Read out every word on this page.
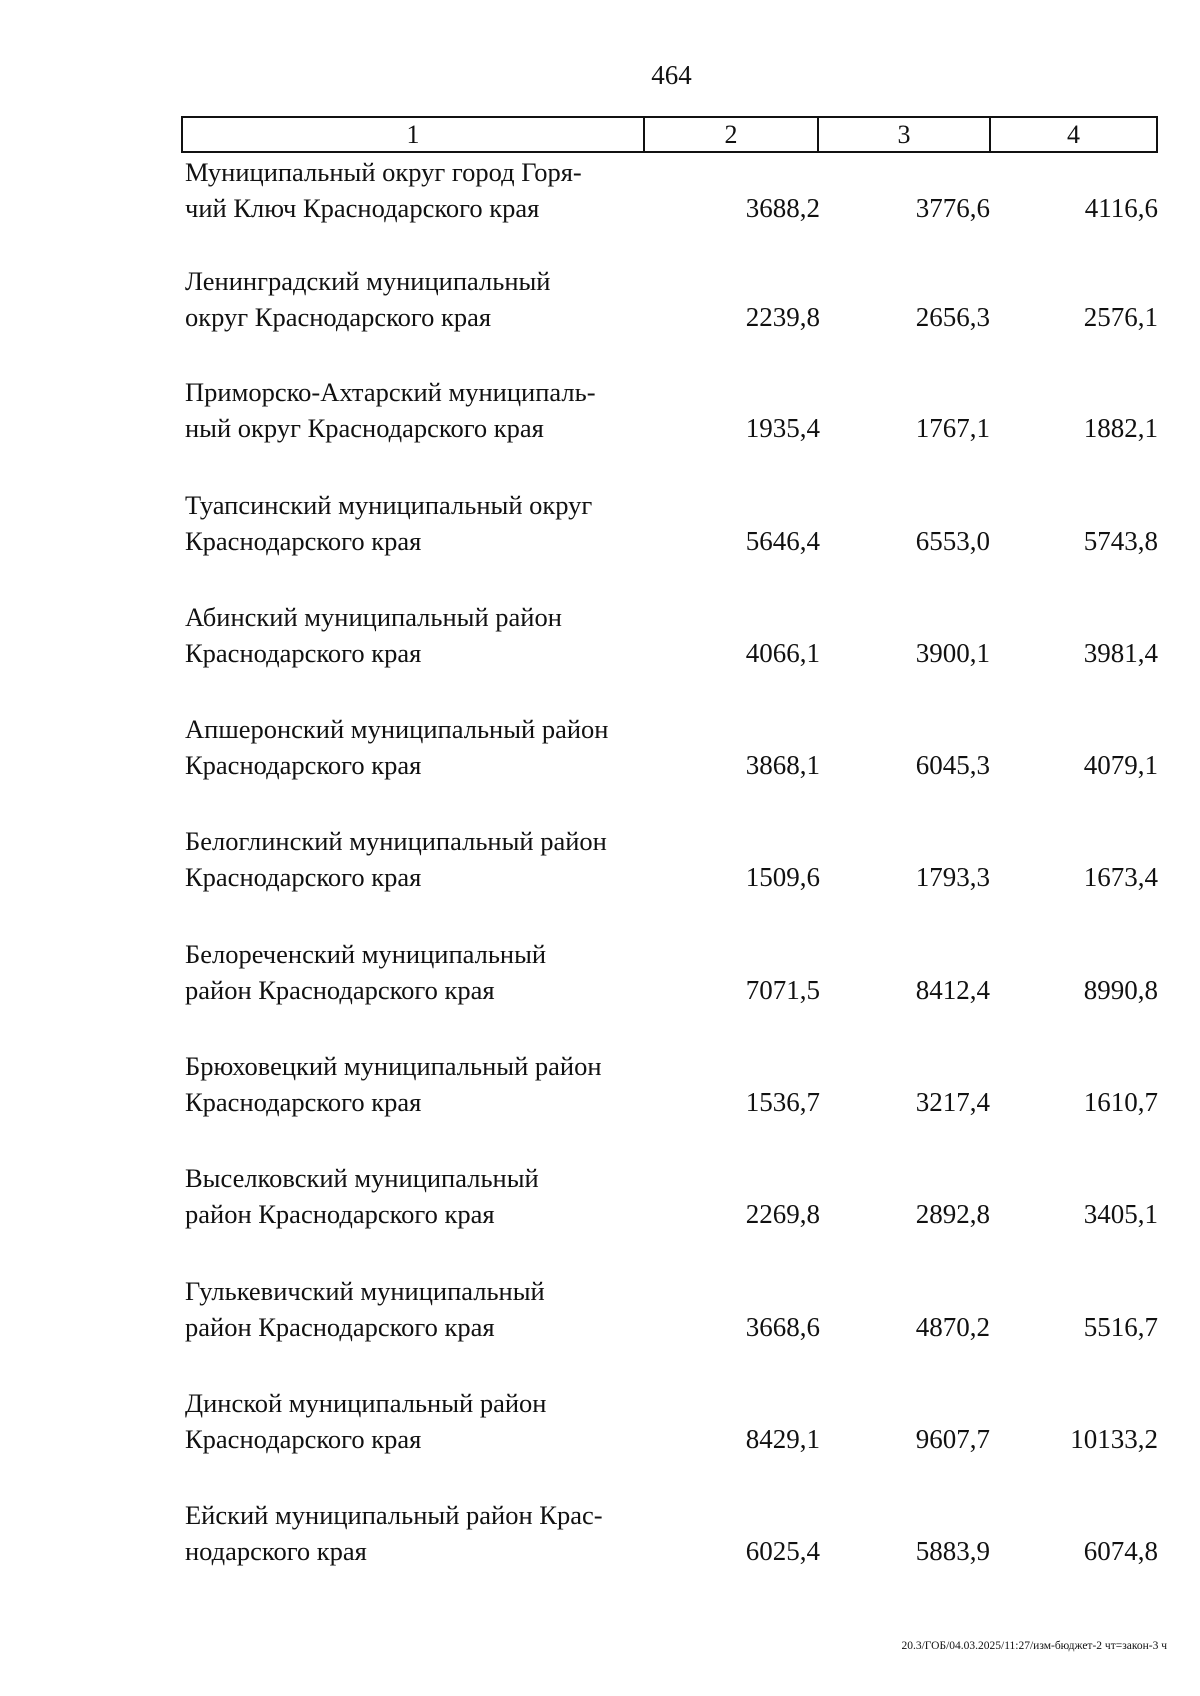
464
1	2	3	4
Муниципальный округ город Горя-
чий Ключ Краснодарского края	3688,2	3776,6	4116,6
Ленинградский муниципальный
округ Краснодарского края	2239,8	2656,3	2576,1
Приморско-Ахтарский муниципаль-
ный округ Краснодарского края	1935,4	1767,1	1882,1
Туапсинский муниципальный округ
Краснодарского края	5646,4	6553,0	5743,8
Абинский муниципальный район
Краснодарского края	4066,1	3900,1	3981,4
Апшеронский муниципальный район
Краснодарского края	3868,1	6045,3	4079,1
Белоглинский муниципальный район
Краснодарского края	1509,6	1793,3	1673,4
Белореченский муниципальный
район Краснодарского края	7071,5	8412,4	8990,8
Брюховецкий муниципальный район
Краснодарского края	1536,7	3217,4	1610,7
Выселковский муниципальный
район Краснодарского края	2269,8	2892,8	3405,1
Гулькевичский муниципальный
район Краснодарского края	3668,6	4870,2	5516,7
Динской муниципальный район
Краснодарского края	8429,1	9607,7	10133,2
Ейский муниципальный район Крас-
нодарского края	6025,4	5883,9	6074,8
20.3/ГОБ/04.03.2025/11:27/изм-бюджет-2 чт=закон-3 ч
